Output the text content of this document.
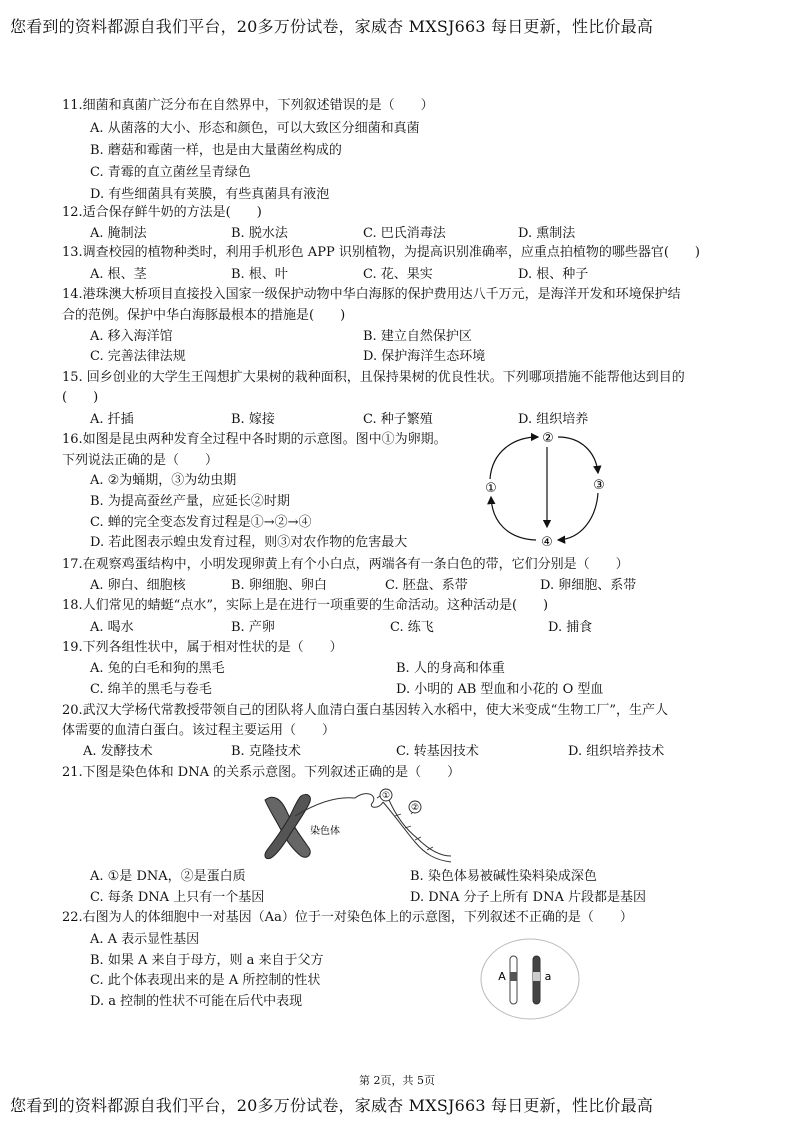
您看到的资料都源自我们平台，20多万份试卷，家威杏 MXSJ663 每日更新，性比价最高
11.细菌和真菌广泛分布在自然界中，下列叙述错误的是（　　）
A. 从菌落的大小、形态和颜色，可以大致区分细菌和真菌
B. 蘑菇和霉菌一样，也是由大量菌丝构成的
C. 青霉的直立菌丝呈青绿色
D. 有些细菌具有荚膜，有些真菌具有液泡
12.适合保存鲜牛奶的方法是(　　)
A. 腌制法	B. 脱水法	C. 巴氏消毒法	D. 熏制法
13.调查校园的植物种类时，利用手机形色 APP 识别植物，为提高识别准确率，应重点拍植物的哪些器官(　　)
A. 根、茎	B. 根、叶	C. 花、果实	D. 根、种子
14.港珠澳大桥项目直接投入国家一级保护动物中华白海豚的保护费用达八千万元，是海洋开发和环境保护结
合的范例。保护中华白海豚最根本的措施是(　　)
A. 移入海洋馆	B. 建立自然保护区
C. 完善法律法规	D. 保护海洋生态环境
15. 回乡创业的大学生王闯想扩大果树的栽种面积，且保持果树的优良性状。下列哪项措施不能帮他达到目的
(　　)
A. 扦插	B. 嫁接	C. 种子繁殖	D. 组织培养
16.如图是昆虫两种发育全过程中各时期的示意图。图中①为卵期。
下列说法正确的是（　　）
A. ②为蛹期，③为幼虫期
B. 为提高蚕丝产量，应延长②时期
C. 蝉的完全变态发育过程是①→②→④
D. 若此图表示蝗虫发育过程，则③对农作物的危害最大
①
②
③
④
17.在观察鸡蛋结构中，小明发现卵黄上有个小白点，两端各有一条白色的带，它们分别是（　　）
A. 卵白、细胞核	B. 卵细胞、卵白	C. 胚盘、系带	D. 卵细胞、系带
18.人们常见的蜻蜓“点水”，实际上是在进行一项重要的生命活动。这种活动是(　　)
A. 喝水	B. 产卵	C. 练飞	D. 捕食
19.下列各组性状中，属于相对性状的是（　　）
A. 兔的白毛和狗的黑毛	B. 人的身高和体重
C. 绵羊的黑毛与卷毛	D. 小明的 AB 型血和小花的 O 型血
20.武汉大学杨代常教授带领自己的团队将人血清白蛋白基因转入水稻中，使大米变成“生物工厂”，生产人
体需要的血清白蛋白。该过程主要运用（　　）
A. 发酵技术	B. 克隆技术	C. 转基因技术	D. 组织培养技术
21.下图是染色体和 DNA 的关系示意图。下列叙述正确的是（　　）
染色体
①
②
A. ①是 DNA，②是蛋白质	B. 染色体易被碱性染料染成深色
C. 每条 DNA 上只有一个基因	D. DNA 分子上所有 DNA 片段都是基因
22.右图为人的体细胞中一对基因（Aa）位于一对染色体上的示意图，下列叙述不正确的是（　　）
A. A 表示显性基因
B. 如果 A 来自于母方，则 a 来自于父方
C. 此个体表现出来的是 A 所控制的性状
D. a 控制的性状不可能在后代中表现
A	a
第 2页，共 5页
您看到的资料都源自我们平台，20多万份试卷，家威杏 MXSJ663 每日更新，性比价最高
